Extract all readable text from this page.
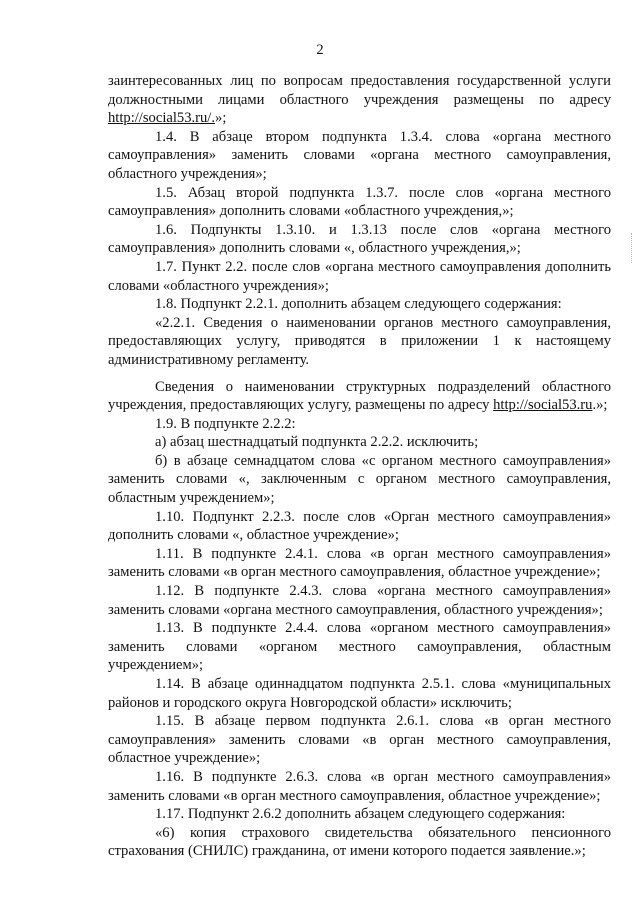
2

заинтересованных лиц по вопросам предоставления государственной услуги должностными лицами областного учреждения размещены по адресу http://social53.ru/.»;

1.4. В абзаце втором подпункта 1.3.4. слова «органа местного самоуправления» заменить словами «органа местного самоуправления, областного учреждения»;

1.5. Абзац второй подпункта 1.3.7. после слов «органа местного самоуправления» дополнить словами «областного учреждения,»;

1.6. Подпункты 1.3.10. и 1.3.13 после слов «органа местного самоуправления» дополнить словами «, областного учреждения,»;

1.7. Пункт 2.2. после слов «органа местного самоуправления дополнить словами «областного учреждения»;

1.8. Подпункт 2.2.1. дополнить абзацем следующего содержания:

«2.2.1. Сведения о наименовании органов местного самоуправления, предоставляющих услугу, приводятся в приложении 1 к настоящему административному регламенту.

Сведения о наименовании структурных подразделений областного учреждения, предоставляющих услугу, размещены по адресу http://social53.ru.»;

1.9. В подпункте 2.2.2:

а) абзац шестнадцатый подпункта 2.2.2. исключить;

б) в абзаце семнадцатом слова «с органом местного самоуправления» заменить словами «, заключенным с органом местного самоуправления, областным учреждением»;

1.10. Подпункт 2.2.3. после слов «Орган местного самоуправления» дополнить словами «, областное учреждение»;

1.11. В подпункте 2.4.1. слова «в орган местного самоуправления» заменить словами «в орган местного самоуправления, областное учреждение»;

1.12. В подпункте 2.4.3. слова «органа местного самоуправления» заменить словами «органа местного самоуправления, областного учреждения»;

1.13. В подпункте 2.4.4. слова «органом местного самоуправления» заменить словами «органом местного самоуправления, областным учреждением»;

1.14. В абзаце одиннадцатом подпункта 2.5.1. слова «муниципальных районов и городского округа Новгородской области» исключить;

1.15. В абзаце первом подпункта 2.6.1. слова «в орган местного самоуправления» заменить словами «в орган местного самоуправления, областное учреждение»;

1.16. В подпункте 2.6.3. слова «в орган местного самоуправления» заменить словами «в орган местного самоуправления, областное учреждение»;

1.17. Подпункт 2.6.2 дополнить абзацем следующего содержания:

«6) копия страхового свидетельства обязательного пенсионного страхования (СНИЛС) гражданина, от имени которого подается заявление.»;
